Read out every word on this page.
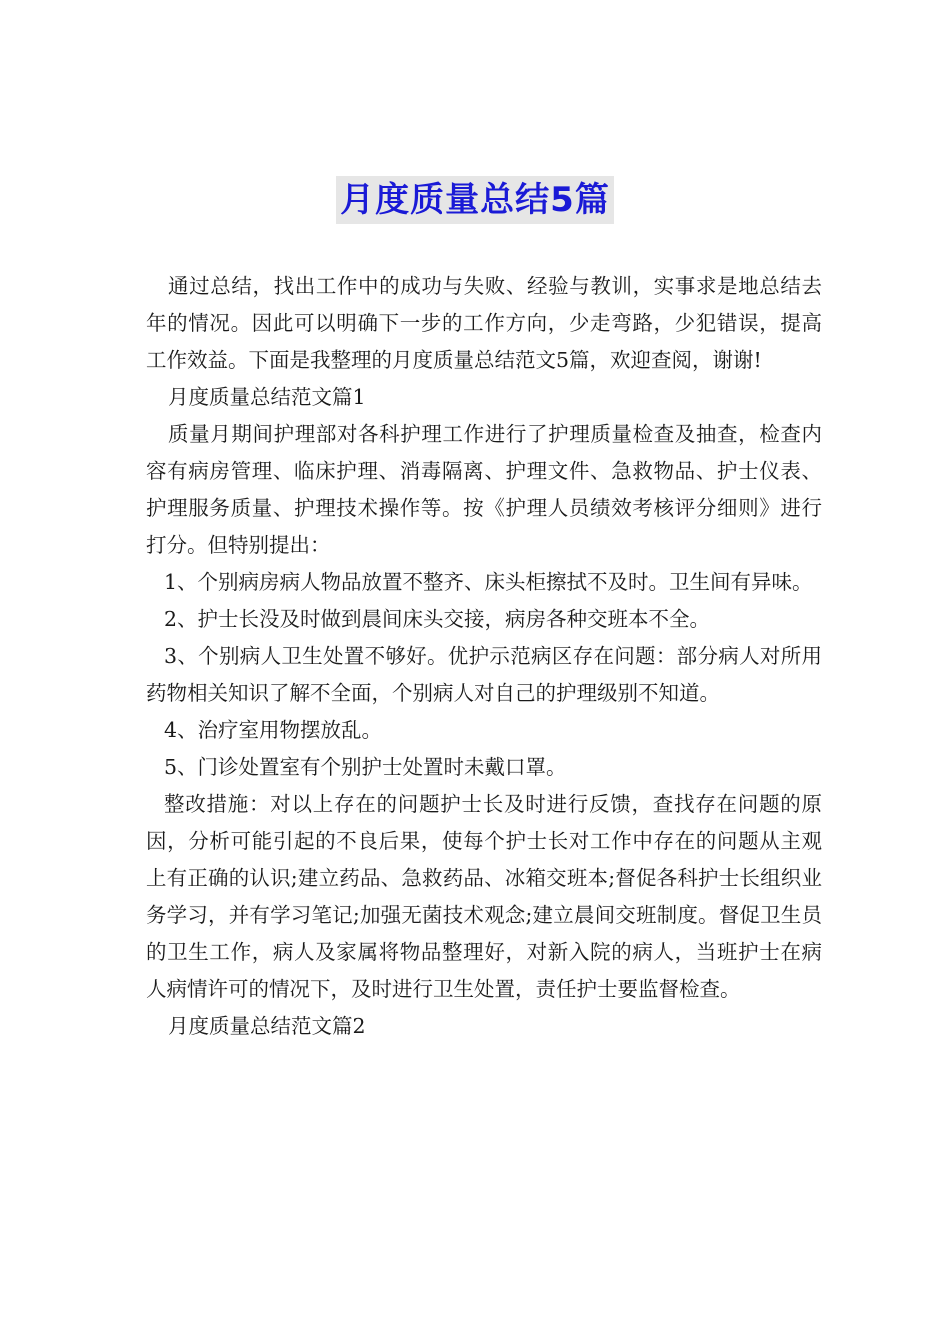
月度质量总结5篇

通过总结，找出工作中的成功与失败、经验与教训，实事求是地总结去年的情况。因此可以明确下一步的工作方向，少走弯路，少犯错误，提高工作效益。下面是我整理的月度质量总结范文5篇，欢迎查阅，谢谢!

月度质量总结范文篇1

质量月期间护理部对各科护理工作进行了护理质量检查及抽查，检查内容有病房管理、临床护理、消毒隔离、护理文件、急救物品、护士仪表、护理服务质量、护理技术操作等。按《护理人员绩效考核评分细则》进行打分。但特别提出：

1、个别病房病人物品放置不整齐、床头柜擦拭不及时。卫生间有异味。

2、护士长没及时做到晨间床头交接，病房各种交班本不全。

3、个别病人卫生处置不够好。优护示范病区存在问题：部分病人对所用药物相关知识了解不全面，个别病人对自己的护理级别不知道。

4、治疗室用物摆放乱。

5、门诊处置室有个别护士处置时未戴口罩。

整改措施：对以上存在的问题护士长及时进行反馈，查找存在问题的原因，分析可能引起的不良后果，使每个护士长对工作中存在的问题从主观上有正确的认识;建立药品、急救药品、冰箱交班本;督促各科护士长组织业务学习，并有学习笔记;加强无菌技术观念;建立晨间交班制度。督促卫生员的卫生工作，病人及家属将物品整理好，对新入院的病人，当班护士在病人病情许可的情况下，及时进行卫生处置，责任护士要监督检查。

月度质量总结范文篇2
